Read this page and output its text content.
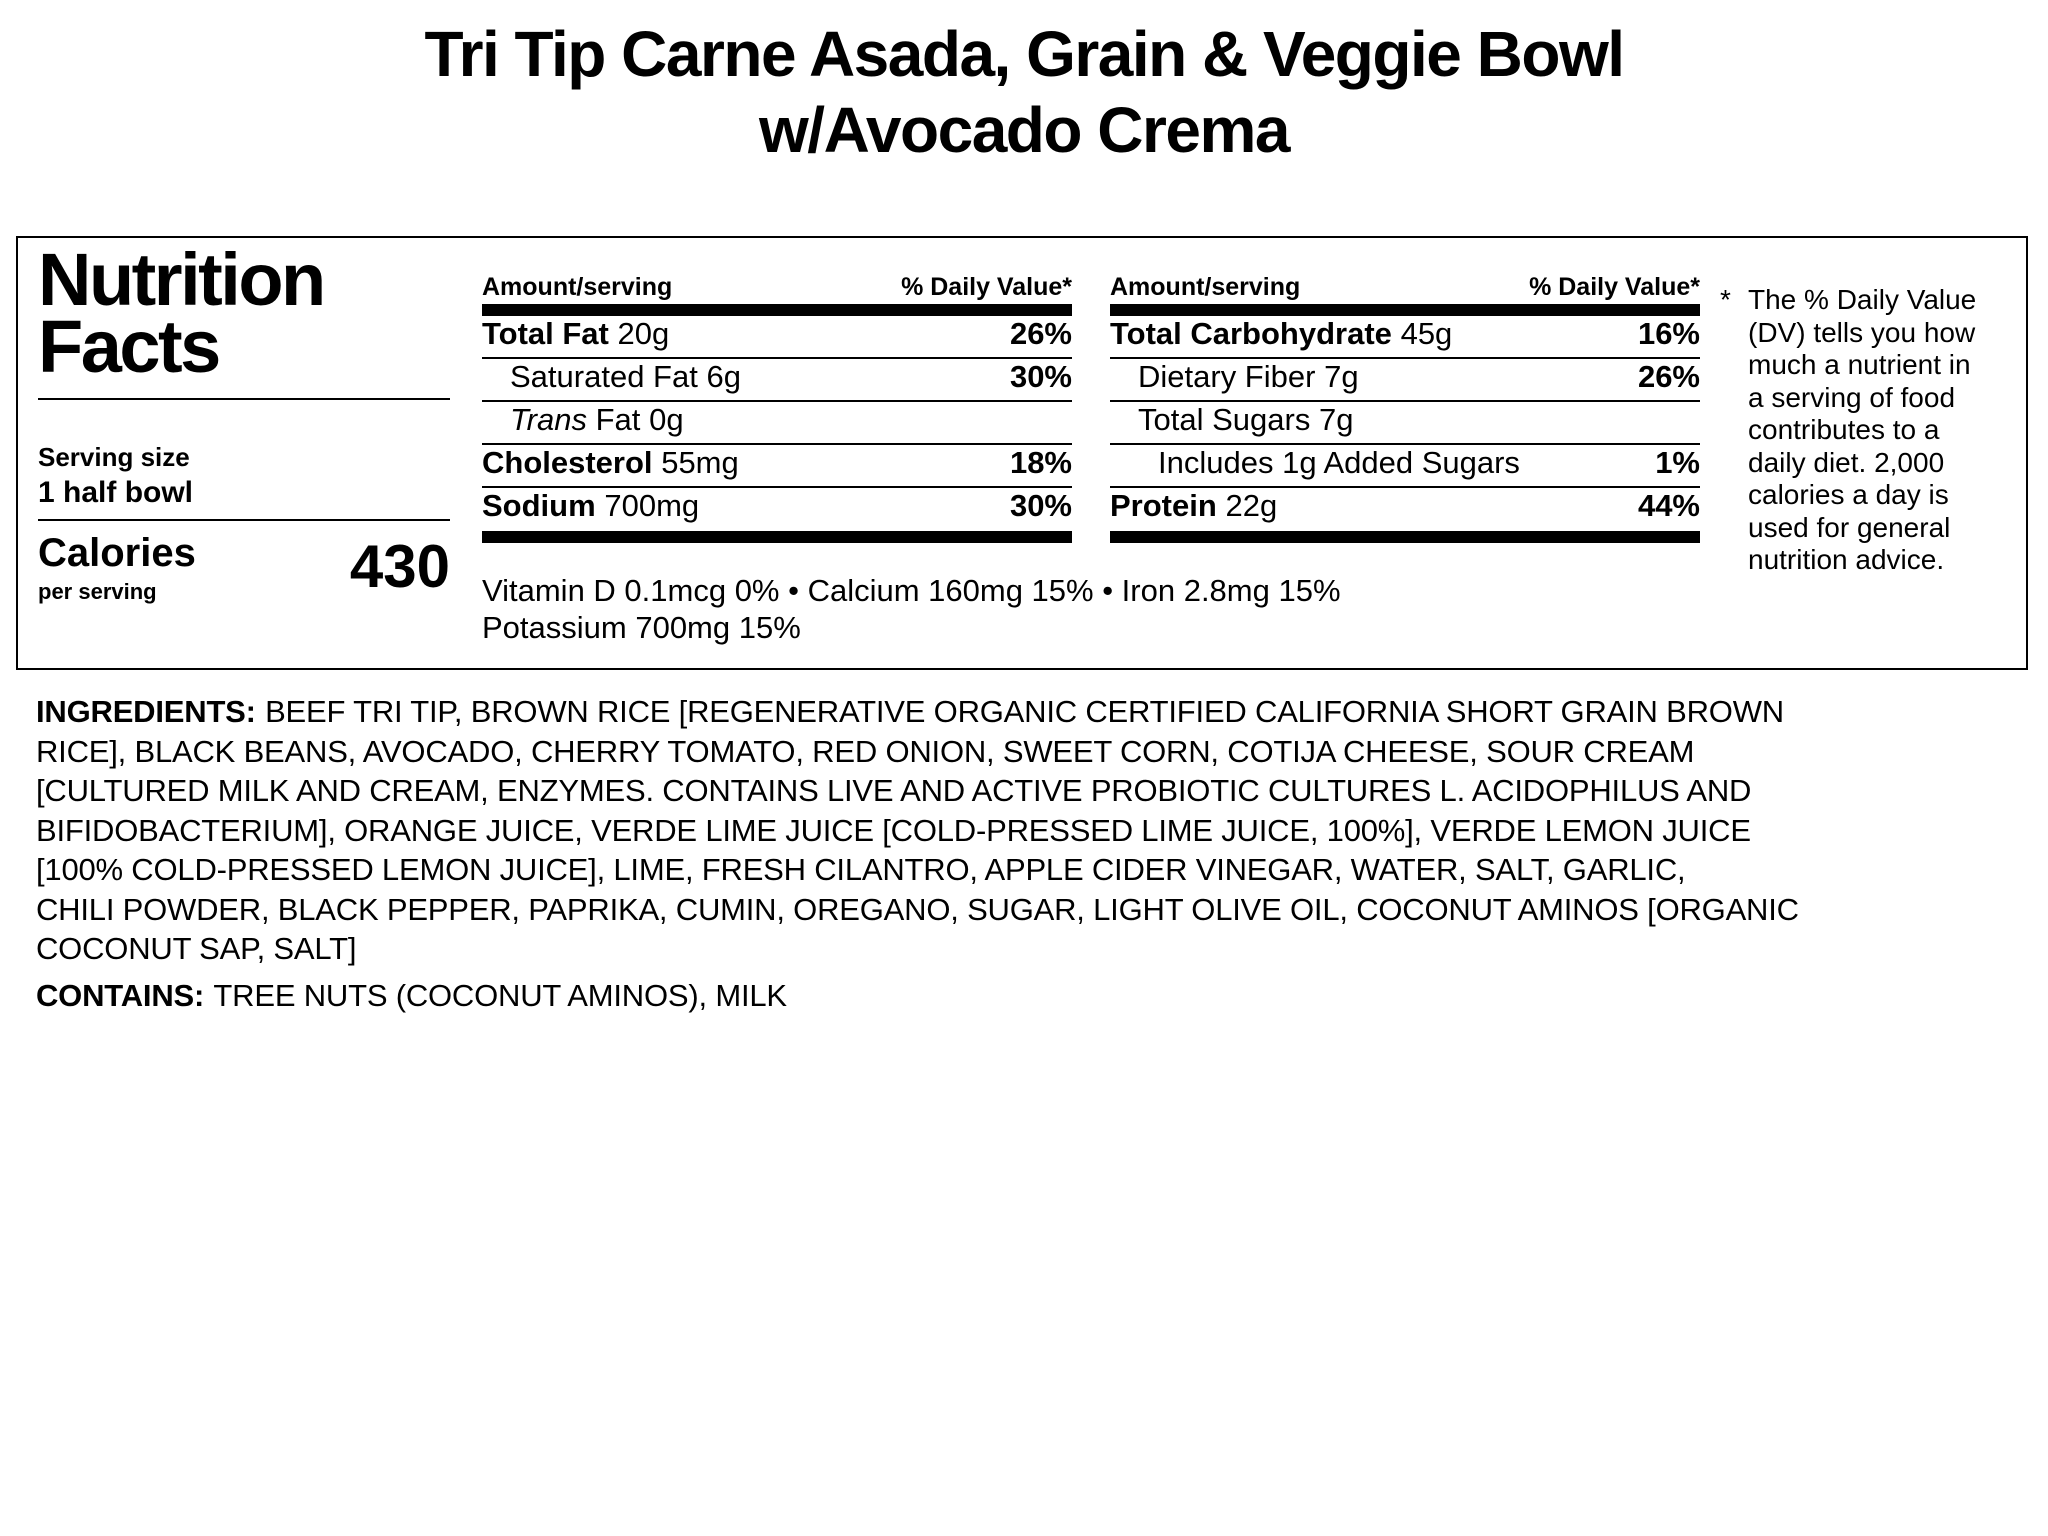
Tri Tip Carne Asada, Grain & Veggie Bowl
w/Avocado Crema
Nutrition Facts
Serving size
1 half bowl
Calories
per serving	430
Amount/serving	% Daily Value*
Total Fat 20g	26%
Saturated Fat 6g	30%
Trans Fat 0g
Cholesterol 55mg	18%
Sodium 700mg	30%
Amount/serving	% Daily Value*
Total Carbohydrate 45g	16%
Dietary Fiber 7g	26%
Total Sugars 7g
Includes 1g Added Sugars	1%
Protein 22g	44%
Vitamin D 0.1mcg 0% • Calcium 160mg 15% • Iron 2.8mg 15%
Potassium 700mg 15%
* The % Daily Value
(DV) tells you how
much a nutrient in
a serving of food
contributes to a
daily diet. 2,000
calories a day is
used for general
nutrition advice.
INGREDIENTS: BEEF TRI TIP, BROWN RICE [REGENERATIVE ORGANIC CERTIFIED CALIFORNIA SHORT GRAIN BROWN
RICE], BLACK BEANS, AVOCADO, CHERRY TOMATO, RED ONION, SWEET CORN, COTIJA CHEESE, SOUR CREAM
[CULTURED MILK AND CREAM, ENZYMES. CONTAINS LIVE AND ACTIVE PROBIOTIC CULTURES L. ACIDOPHILUS AND
BIFIDOBACTERIUM], ORANGE JUICE, VERDE LIME JUICE [COLD-PRESSED LIME JUICE, 100%], VERDE LEMON JUICE
[100% COLD-PRESSED LEMON JUICE], LIME, FRESH CILANTRO, APPLE CIDER VINEGAR, WATER, SALT, GARLIC,
CHILI POWDER, BLACK PEPPER, PAPRIKA, CUMIN, OREGANO, SUGAR, LIGHT OLIVE OIL, COCONUT AMINOS [ORGANIC
COCONUT SAP, SALT]
CONTAINS: TREE NUTS (COCONUT AMINOS), MILK
